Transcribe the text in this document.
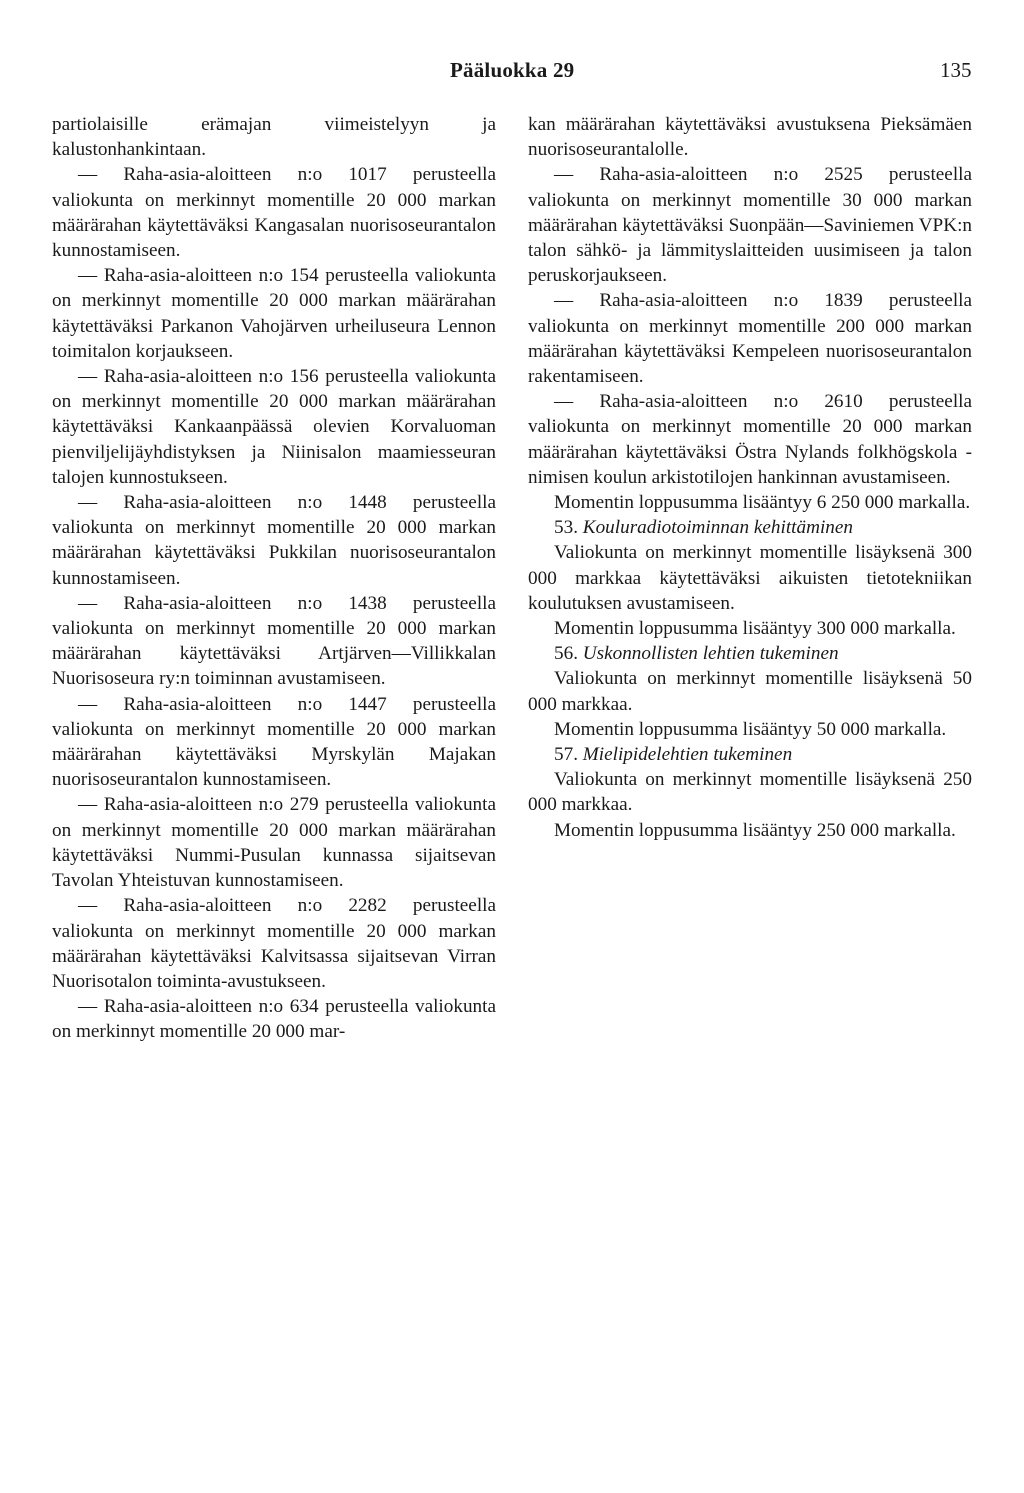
Pääluokka 29	135

partiolaisille erämajan viimeistelyyn ja kalustonhankintaan.

— Raha-asia-aloitteen n:o 1017 perusteella valiokunta on merkinnyt momentille 20 000 markan määrärahan käytettäväksi Kangasalan nuorisoseurantalon kunnostamiseen.

— Raha-asia-aloitteen n:o 154 perusteella valiokunta on merkinnyt momentille 20 000 markan määrärahan käytettäväksi Parkanon Vahojärven urheiluseura Lennon toimitalon korjaukseen.

— Raha-asia-aloitteen n:o 156 perusteella valiokunta on merkinnyt momentille 20 000 markan määrärahan käytettäväksi Kankaanpäässä olevien Korvaluoman pienviljelijäyhdistyksen ja Niinisalon maamiesseuran talojen kunnostukseen.

— Raha-asia-aloitteen n:o 1448 perusteella valiokunta on merkinnyt momentille 20 000 markan määrärahan käytettäväksi Pukkilan nuorisoseurantalon kunnostamiseen.

— Raha-asia-aloitteen n:o 1438 perusteella valiokunta on merkinnyt momentille 20 000 markan määrärahan käytettäväksi Artjärven—Villikkalan Nuorisoseura ry:n toiminnan avustamiseen.

— Raha-asia-aloitteen n:o 1447 perusteella valiokunta on merkinnyt momentille 20 000 markan määrärahan käytettäväksi Myrskylän Majakan nuorisoseurantalon kunnostamiseen.

— Raha-asia-aloitteen n:o 279 perusteella valiokunta on merkinnyt momentille 20 000 markan määrärahan käytettäväksi Nummi-Pusulan kunnassa sijaitsevan Tavolan Yhteistuvan kunnostamiseen.

— Raha-asia-aloitteen n:o 2282 perusteella valiokunta on merkinnyt momentille 20 000 markan määrärahan käytettäväksi Kalvitsassa sijaitsevan Virran Nuorisotalon toiminta-avustukseen.

— Raha-asia-aloitteen n:o 634 perusteella valiokunta on merkinnyt momentille 20 000 mar-

kan määrärahan käytettäväksi avustuksena Pieksämäen nuorisoseurantalolle.

— Raha-asia-aloitteen n:o 2525 perusteella valiokunta on merkinnyt momentille 30 000 markan määrärahan käytettäväksi Suonpään—Saviniemen VPK:n talon sähkö- ja lämmityslaitteiden uusimiseen ja talon peruskorjaukseen.

— Raha-asia-aloitteen n:o 1839 perusteella valiokunta on merkinnyt momentille 200 000 markan määrärahan käytettäväksi Kempeleen nuorisoseurantalon rakentamiseen.

— Raha-asia-aloitteen n:o 2610 perusteella valiokunta on merkinnyt momentille 20 000 markan määrärahan käytettäväksi Östra Nylands folkhögskola -nimisen koulun arkistotilojen hankinnan avustamiseen.

Momentin loppusumma lisääntyy 6 250 000 markalla.

53. Kouluradiotoiminnan kehittäminen

Valiokunta on merkinnyt momentille lisäyksenä 300 000 markkaa käytettäväksi aikuisten tietotekniikan koulutuksen avustamiseen.

Momentin loppusumma lisääntyy 300 000 markalla.

56. Uskonnollisten lehtien tukeminen

Valiokunta on merkinnyt momentille lisäyksenä 50 000 markkaa.

Momentin loppusumma lisääntyy 50 000 markalla.

57. Mielipidelehtien tukeminen

Valiokunta on merkinnyt momentille lisäyksenä 250 000 markkaa.

Momentin loppusumma lisääntyy 250 000 markalla.
